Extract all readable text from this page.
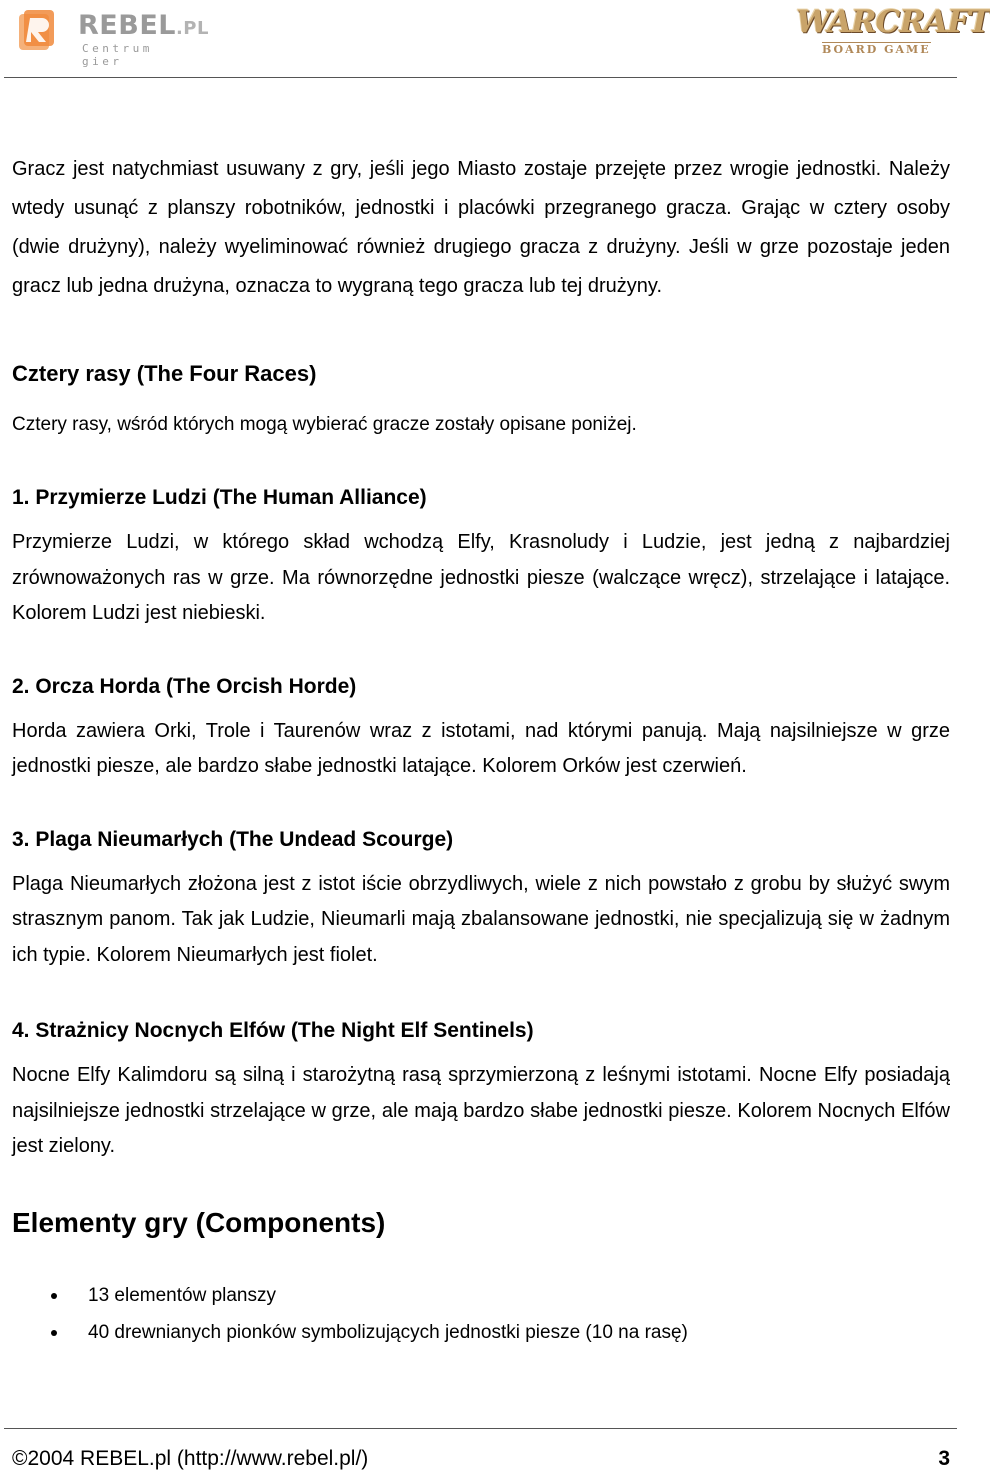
REBEL.PL
Centrum gier
WARCRAFT
BOARD GAME

Gracz jest natychmiast usuwany z gry, jeśli jego Miasto zostaje przejęte przez wrogie jednostki. Należy wtedy usunąć z planszy robotników, jednostki i placówki przegranego gracza. Grając w cztery osoby (dwie drużyny), należy wyeliminować również drugiego gracza z drużyny. Jeśli w grze pozostaje jeden gracz lub jedna drużyna, oznacza to wygraną tego gracza lub tej drużyny.

Cztery rasy (The Four Races)

Cztery rasy, wśród których mogą wybierać gracze zostały opisane poniżej.

1. Przymierze Ludzi (The Human Alliance)

Przymierze Ludzi, w którego skład wchodzą Elfy, Krasnoludy i Ludzie, jest jedną z najbardziej zrównoważonych ras w grze. Ma równorzędne jednostki piesze (walczące wręcz), strzelające i latające. Kolorem Ludzi jest niebieski.

2. Orcza Horda (The Orcish Horde)

Horda zawiera Orki, Trole i Taurenów wraz z istotami, nad którymi panują. Mają najsilniejsze w grze jednostki piesze, ale bardzo słabe jednostki latające. Kolorem Orków jest czerwień.

3. Plaga Nieumarłych (The Undead Scourge)

Plaga Nieumarłych złożona jest z istot iście obrzydliwych, wiele z nich powstało z grobu by służyć swym strasznym panom. Tak jak Ludzie, Nieumarli mają zbalansowane jednostki, nie specjalizują się w żadnym ich typie. Kolorem Nieumarłych jest fiolet.

4. Strażnicy Nocnych Elfów (The Night Elf Sentinels)

Nocne Elfy Kalimdoru są silną i starożytną rasą sprzymierzoną z leśnymi istotami. Nocne Elfy posiadają najsilniejsze jednostki strzelające w grze, ale mają bardzo słabe jednostki piesze. Kolorem Nocnych Elfów jest zielony.

Elementy gry (Components)
13 elementów planszy
40 drewnianych pionków symbolizujących jednostki piesze (10 na rasę)
©2004 REBEL.pl (http://www.rebel.pl/)	3
